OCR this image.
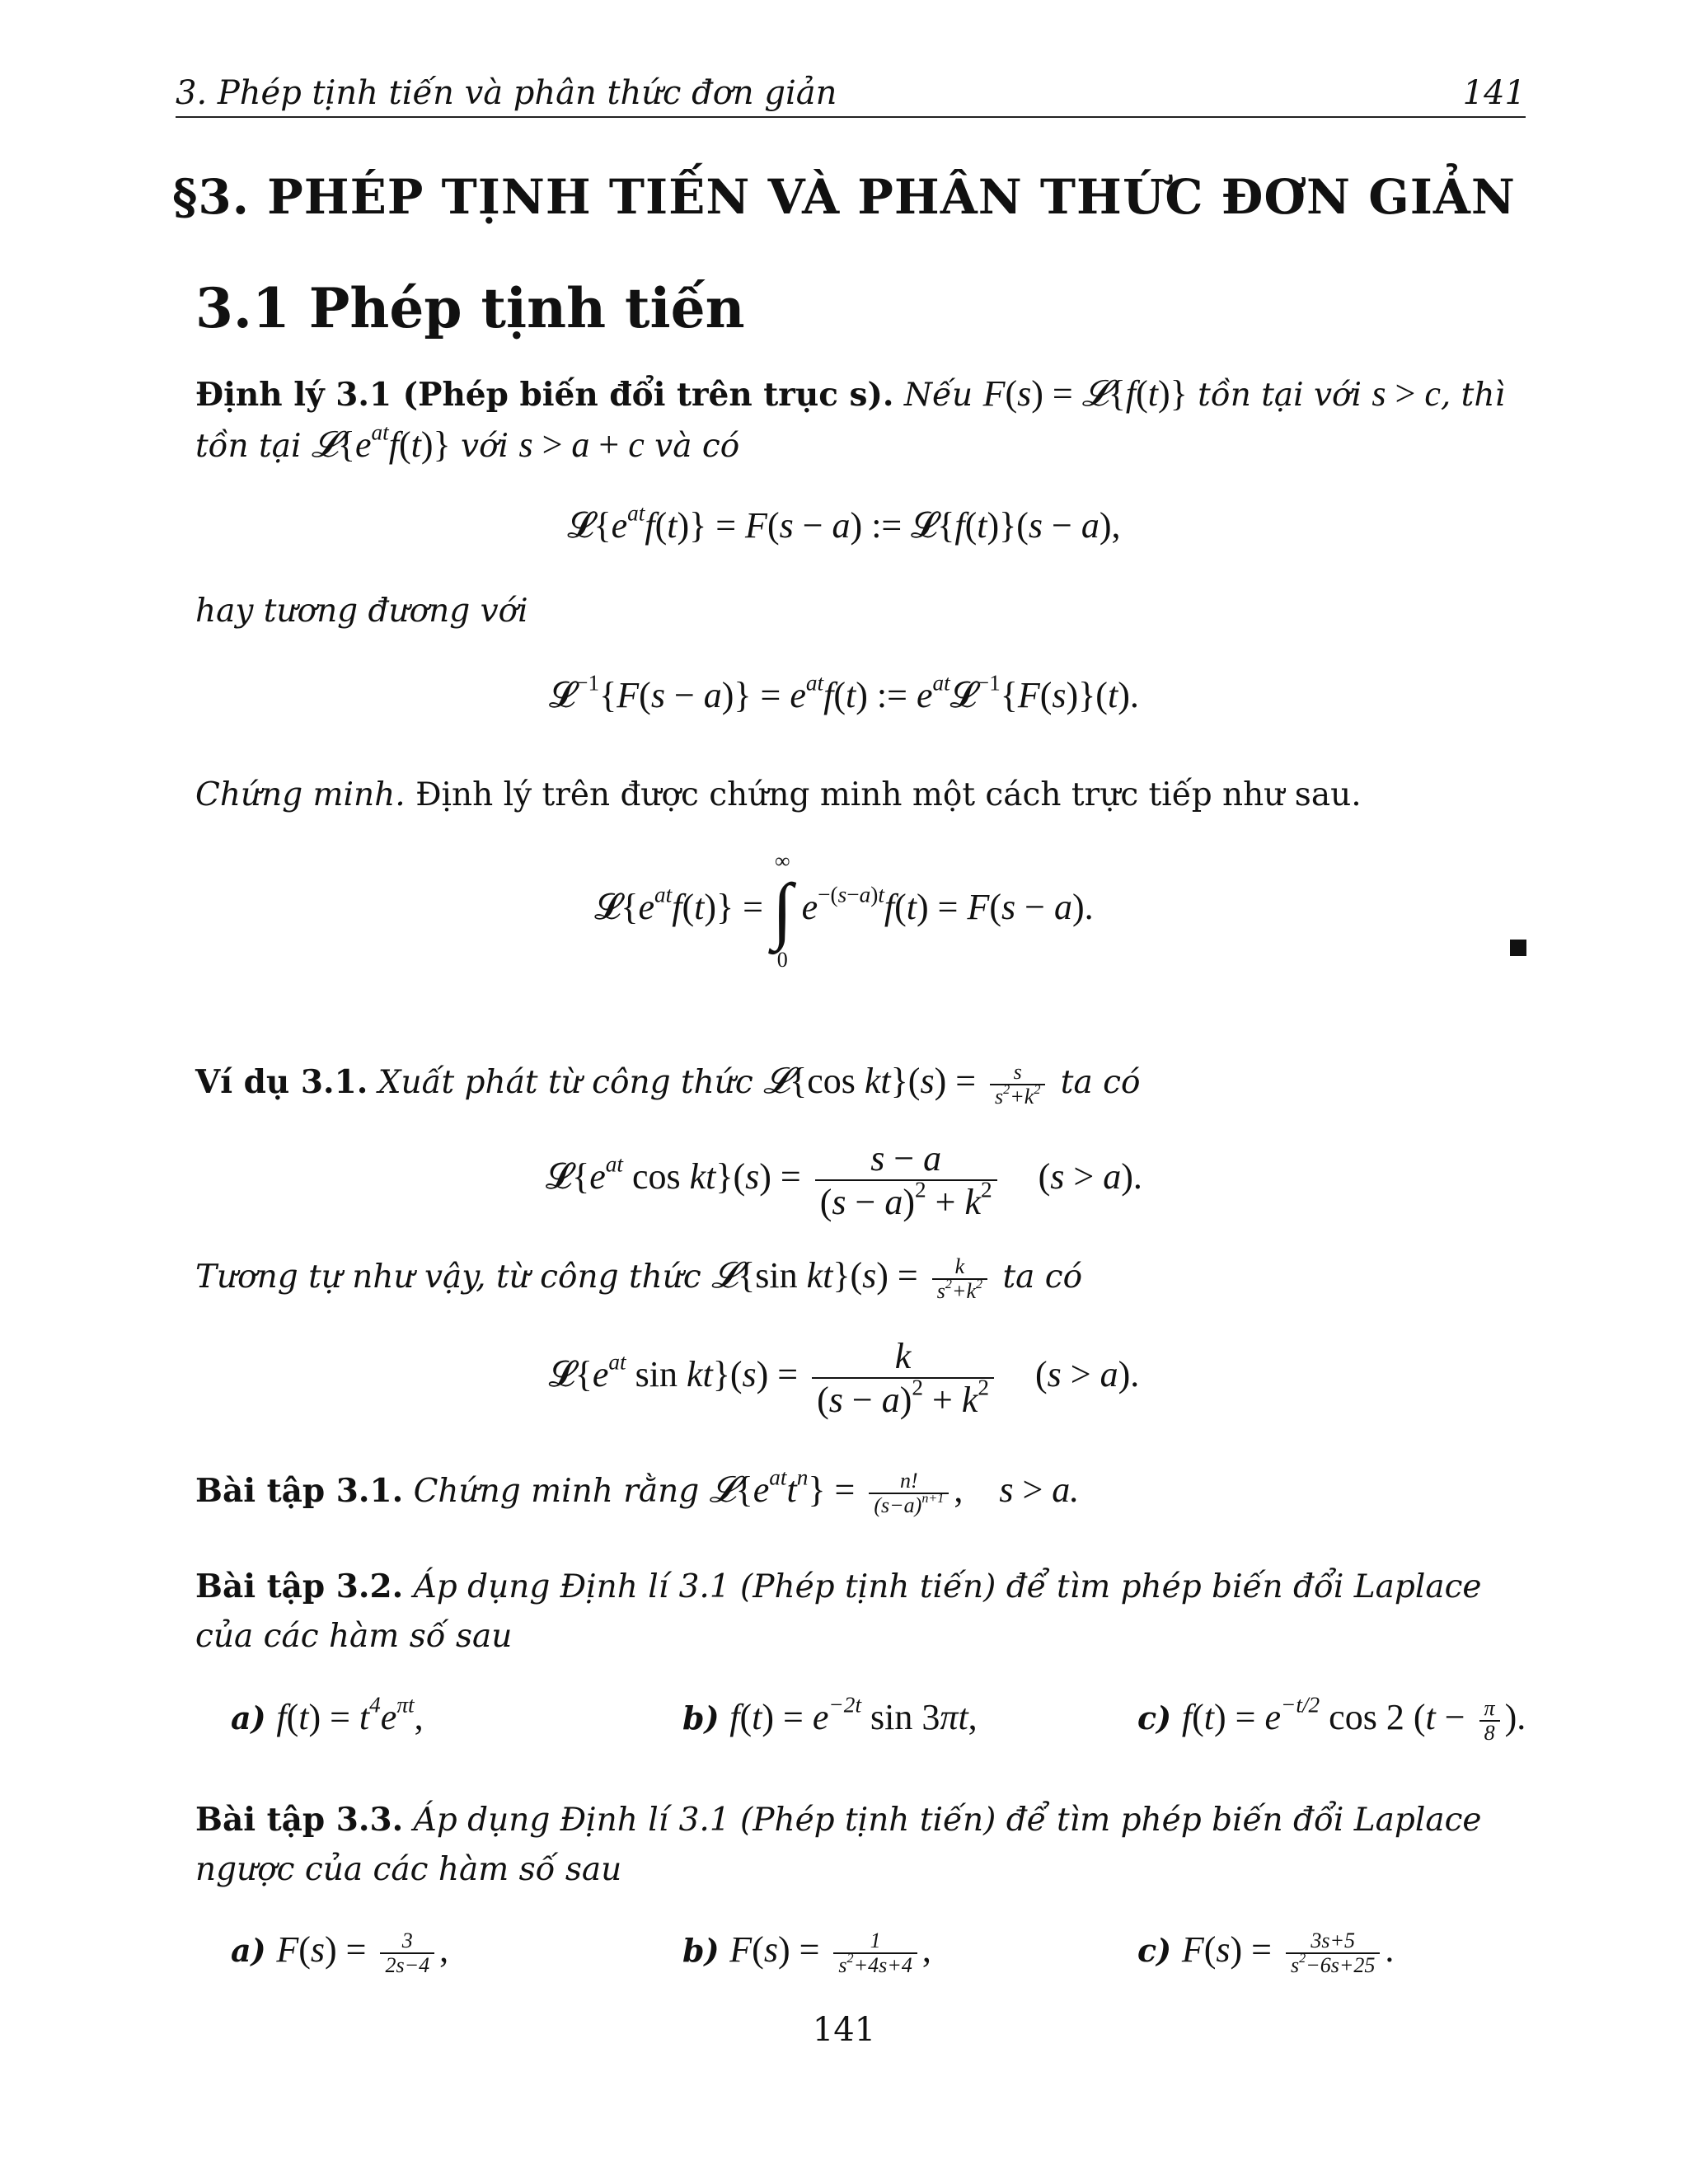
3. Phép tịnh tiến và phân thức đơn giản	141
§3. PHÉP TỊNH TIẾN VÀ PHÂN THỨC ĐƠN GIẢN
3.1 Phép tịnh tiến
Định lý 3.1 (Phép biến đổi trên trục s). Nếu F(s) = 𝓛{f(t)} tồn tại với s > c, thì tồn tại $𝓛\{e^{at}f(t)\}$ với s > a + c và có
$𝓛\{e^{at}f(t)\} = F(s - a)$ := 𝓛{f(t)}(s − a),
hay tương đương với
𝓛$^{-1}${F(s − $a)\} = e^{at}f(t)$ := $e^{at}𝓛^{-1}\{F(s)\}(t)$.
Chứng minh. Định lý trên được chứng minh một cách trực tiếp như sau.
$𝓛\{e^{at}f(t)\}$ =
∞
∫
0
$e^{-(s-a)t}f(t) = F(s - a)$.
Ví dụ 3.1. Xuất phát từ công thức 𝓛{cos $kt\}(s) = \frac{s}{s^2+k^2}$ ta có
$𝓛\{e^{at}$ $\cos kt\}(s) = \frac{s - a}{(s - a)^2 + k^2} (s > a)$.
Tương tự như vậy, từ công thức 𝓛{sin $kt\}(s) = \frac{k}{s^2+k^2}$ ta có
$𝓛\{e^{at}$ $\sin kt\}(s) = \frac{k}{(s - a)^2 + k^2} (s > a)$.
Bài tập 3.1. Chứng minh rằng $𝓛\{e^{at}t^n\} = \frac{n!}{(s-a)^{n+1}}$ ,    s > a.
Bài tập 3.2. Áp dụng Định lí 3.1 (Phép tịnh tiến) để tìm phép biến đổi Laplace của các hàm số sau
a) $f(t) = t^4e^{\pi t}$,	b) $f(t) = e^{-2t}$ sin 3πt,	c) $f(t) = e^{-t/2}$ cos 2 ($t - \frac{\pi}{8}$ ).
Bài tập 3.3. Áp dụng Định lí 3.1 (Phép tịnh tiến) để tìm phép biến đổi Laplace ngược của các hàm số sau
a) $F(s) = \frac{3}{2s-4}$ ,	b) $F(s) = \frac{1}{s^2+4s+4}$ ,	c) $F(s) = \frac{3s+5}{s^2-6s+25}$ .
141
